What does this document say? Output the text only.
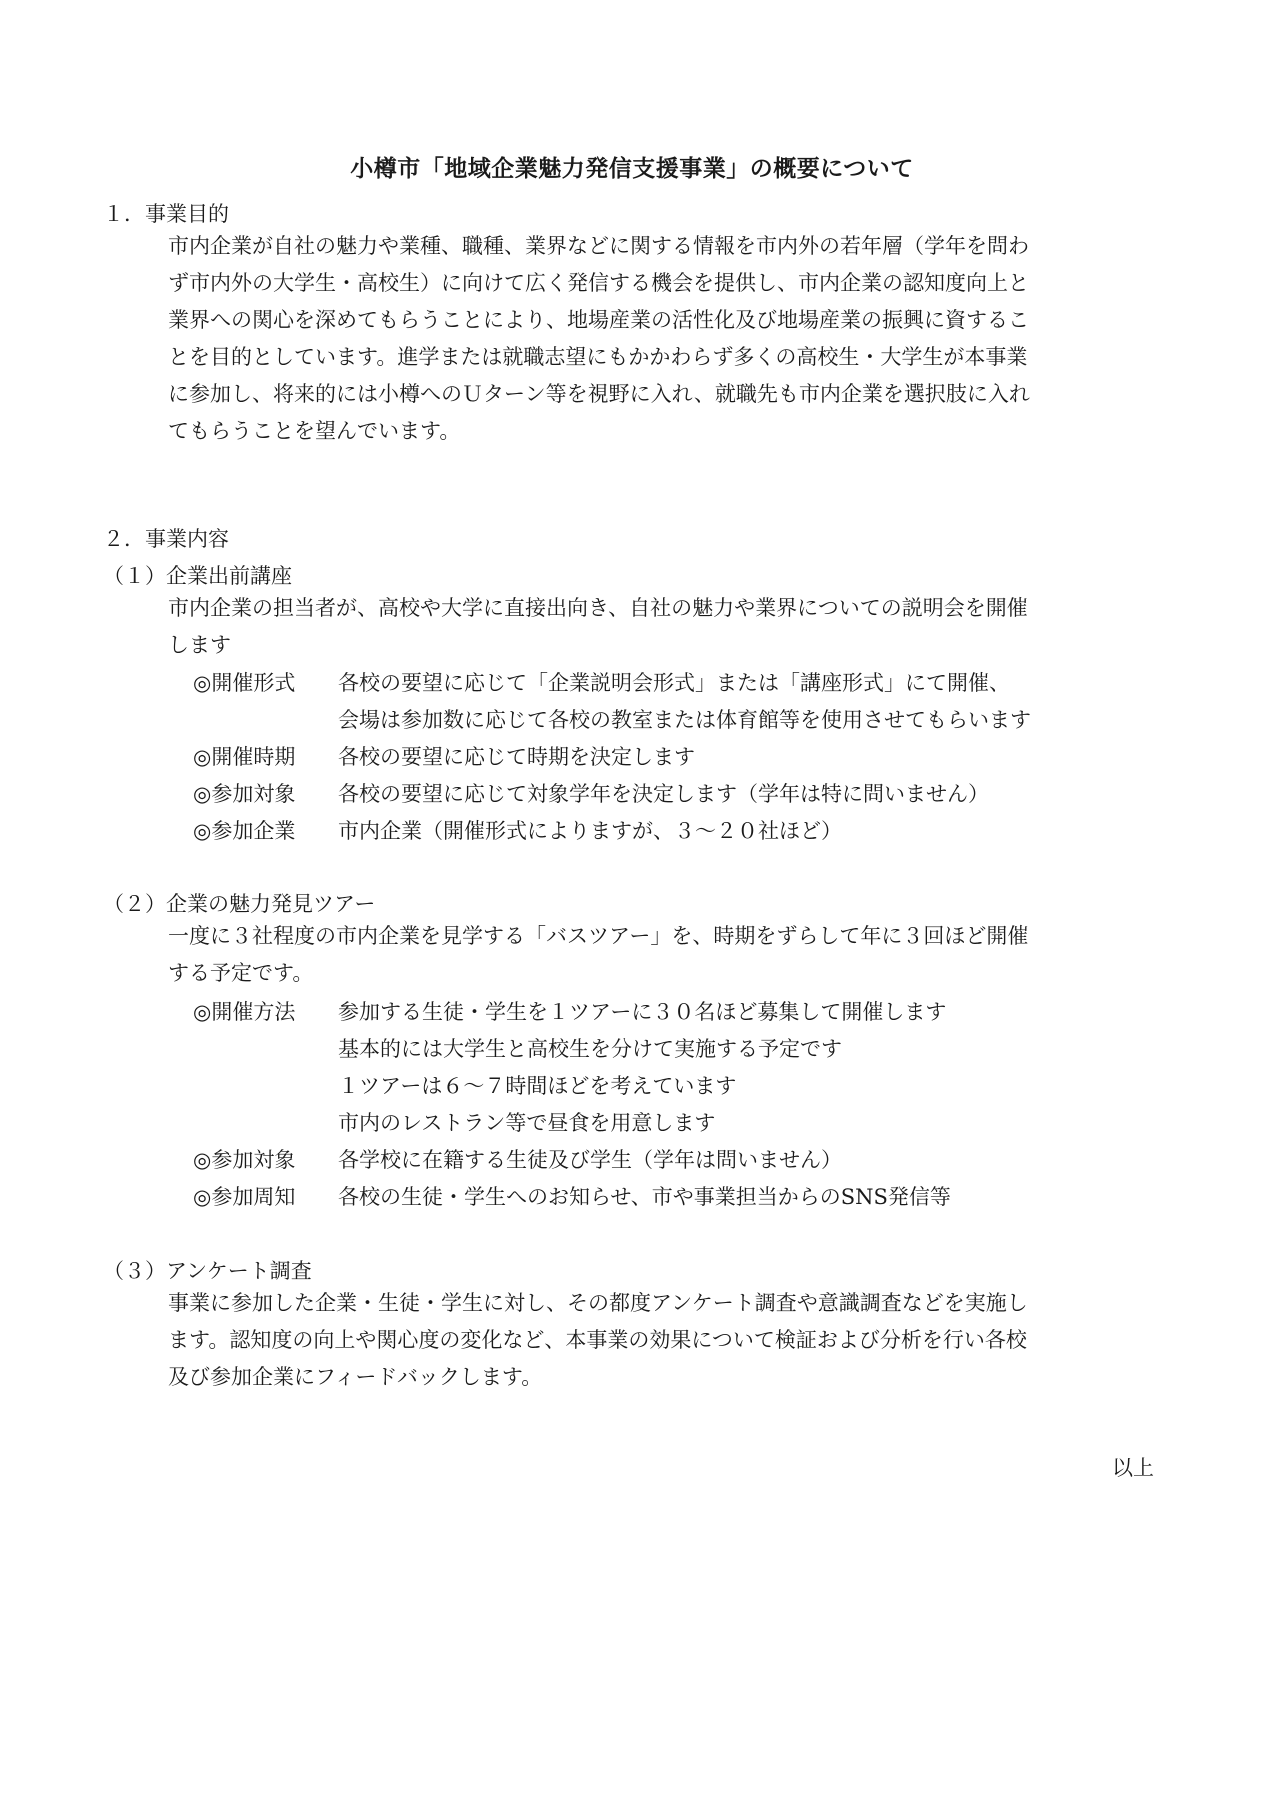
小樽市「地域企業魅力発信支援事業」の概要について
１．事業目的
市内企業が自社の魅力や業種、職種、業界などに関する情報を市内外の若年層（学年を問わ
ず市内外の大学生・高校生）に向けて広く発信する機会を提供し、市内企業の認知度向上と
業界への関心を深めてもらうことにより、地場産業の活性化及び地場産業の振興に資するこ
とを目的としています。進学または就職志望にもかかわらず多くの高校生・大学生が本事業
に参加し、将来的には小樽へのＵターン等を視野に入れ、就職先も市内企業を選択肢に入れ
てもらうことを望んでいます。
２．事業内容
（１）企業出前講座
市内企業の担当者が、高校や大学に直接出向き、自社の魅力や業界についての説明会を開催
します
◎開催形式 各校の要望に応じて「企業説明会形式」または「講座形式」にて開催、
会場は参加数に応じて各校の教室または体育館等を使用させてもらいます
◎開催時期 各校の要望に応じて時期を決定します
◎参加対象 各校の要望に応じて対象学年を決定します（学年は特に問いません）
◎参加企業 市内企業（開催形式によりますが、３～２０社ほど）
（２）企業の魅力発見ツアー
一度に３社程度の市内企業を見学する「バスツアー」を、時期をずらして年に３回ほど開催
する予定です。
◎開催方法 参加する生徒・学生を１ツアーに３０名ほど募集して開催します
基本的には大学生と高校生を分けて実施する予定です
１ツアーは６～７時間ほどを考えています
市内のレストラン等で昼食を用意します
◎参加対象 各学校に在籍する生徒及び学生（学年は問いません）
◎参加周知 各校の生徒・学生へのお知らせ、市や事業担当からのSNS発信等
（３）アンケート調査
事業に参加した企業・生徒・学生に対し、その都度アンケート調査や意識調査などを実施し
ます。認知度の向上や関心度の変化など、本事業の効果について検証および分析を行い各校
及び参加企業にフィードバックします。
以上
